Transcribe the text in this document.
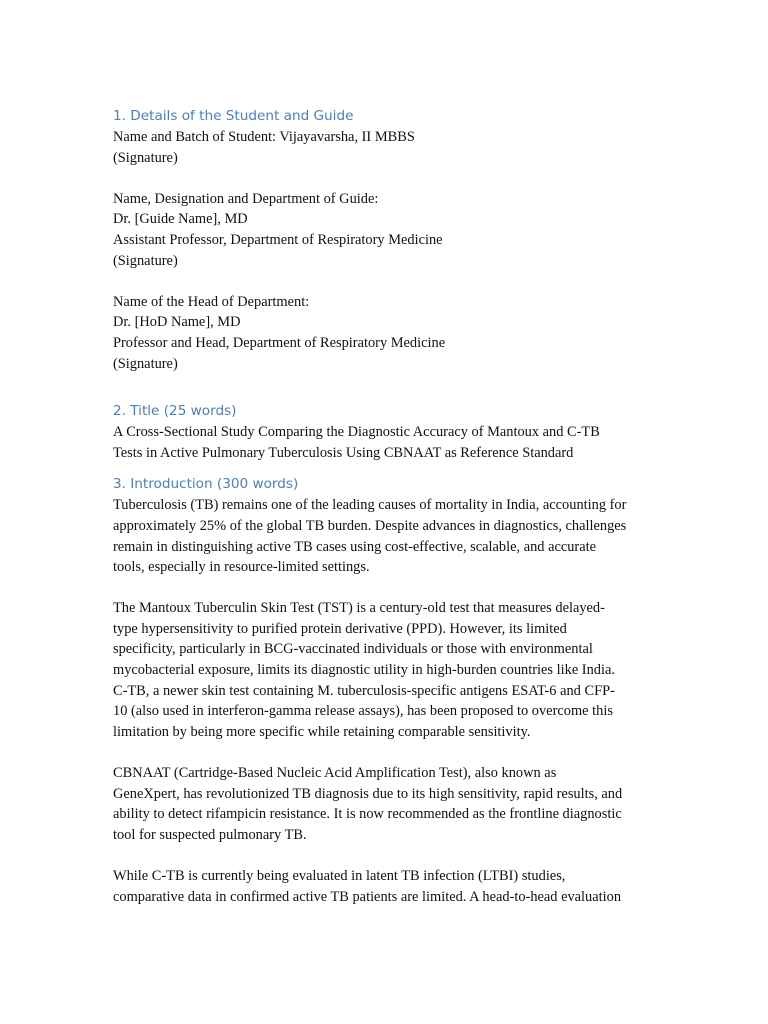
1. Details of the Student and Guide
Name and Batch of Student: Vijayavarsha, II MBBS
(Signature)
Name, Designation and Department of Guide:
Dr. [Guide Name], MD
Assistant Professor, Department of Respiratory Medicine
(Signature)
Name of the Head of Department:
Dr. [HoD Name], MD
Professor and Head, Department of Respiratory Medicine
(Signature)
2. Title (25 words)
A Cross-Sectional Study Comparing the Diagnostic Accuracy of Mantoux and C-TB
Tests in Active Pulmonary Tuberculosis Using CBNAAT as Reference Standard
3. Introduction (300 words)
Tuberculosis (TB) remains one of the leading causes of mortality in India, accounting for
approximately 25% of the global TB burden. Despite advances in diagnostics, challenges
remain in distinguishing active TB cases using cost-effective, scalable, and accurate
tools, especially in resource-limited settings.
The Mantoux Tuberculin Skin Test (TST) is a century-old test that measures delayed-
type hypersensitivity to purified protein derivative (PPD). However, its limited
specificity, particularly in BCG-vaccinated individuals or those with environmental
mycobacterial exposure, limits its diagnostic utility in high-burden countries like India.
C-TB, a newer skin test containing M. tuberculosis-specific antigens ESAT-6 and CFP-
10 (also used in interferon-gamma release assays), has been proposed to overcome this
limitation by being more specific while retaining comparable sensitivity.
CBNAAT (Cartridge-Based Nucleic Acid Amplification Test), also known as
GeneXpert, has revolutionized TB diagnosis due to its high sensitivity, rapid results, and
ability to detect rifampicin resistance. It is now recommended as the frontline diagnostic
tool for suspected pulmonary TB.
While C-TB is currently being evaluated in latent TB infection (LTBI) studies,
comparative data in confirmed active TB patients are limited. A head-to-head evaluation
